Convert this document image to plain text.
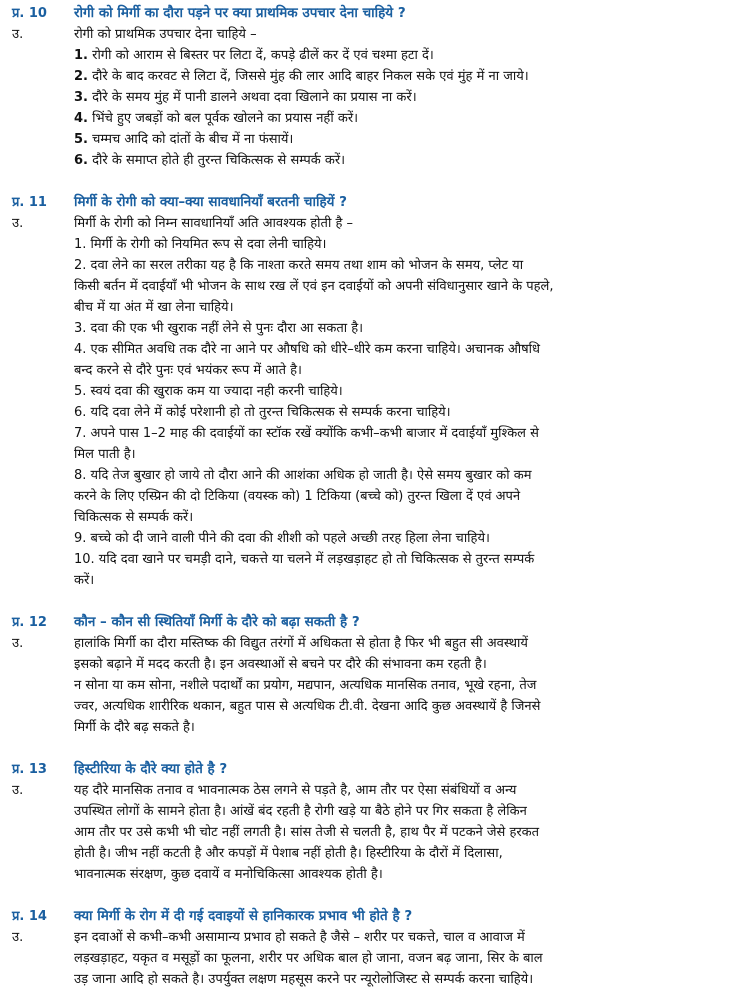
प्र. 10 रोगी को मिर्गी का दौरा पड़ने पर क्या प्राथमिक उपचार देना चाहिये ?
उ.	रोगी को प्राथमिक उपचार देना चाहिये –
1. रोगी को आराम से बिस्तर पर लिटा दें, कपड़े ढीलें कर दें एवं चश्मा हटा दें।
2. दौरे के बाद करवट से लिटा दें, जिससे मुंह की लार आदि बाहर निकल सके एवं मुंह में ना जाये।
3. दौरे के समय मुंह में पानी डालने अथवा दवा खिलाने का प्रयास ना करें।
4. भिंचे हुए जबड़ों को बल पूर्वक खोलने का प्रयास नहीं करें।
5. चम्मच आदि को दांतों के बीच में ना फंसायें।
6. दौरे के समाप्त होते ही तुरन्त चिकित्सक से सम्पर्क करें।
प्र. 11 मिर्गी के रोगी को क्या–क्या सावधानियाँ बरतनी चाहियें ?
उ.	मिर्गी के रोगी को निम्न सावधानियाँ अति आवश्यक होती है –
1. मिर्गी के रोगी को नियमित रूप से दवा लेनी चाहिये।
2. दवा लेने का सरल तरीका यह है कि नाश्ता करते समय तथा शाम को भोजन के समय, प्लेट या
किसी बर्तन में दवाईयाँ भी भोजन के साथ रख लें एवं इन दवाईयों को अपनी संविधानुसार खाने के पहले,
बीच में या अंत में खा लेना चाहिये।
3. दवा की एक भी खुराक नहीं लेने से पुनः दौरा आ सकता है।
4. एक सीमित अवधि तक दौरे ना आने पर औषधि को धीरे–धीरे कम करना चाहिये। अचानक औषधि
बन्द करने से दौरे पुनः एवं भयंकर रूप में आते है।
5. स्वयं दवा की खुराक कम या ज्यादा नही करनी चाहिये।
6. यदि दवा लेने में कोई परेशानी हो तो तुरन्त चिकित्सक से सम्पर्क करना चाहिये।
7. अपने पास 1–2 माह की दवाईयों का स्टॉक रखें क्योंकि कभी–कभी बाजार में दवाईयाँ मुश्किल से
मिल पाती है।
8. यदि तेज बुखार हो जाये तो दौरा आने की आशंका अधिक हो जाती है। ऐसे समय बुखार को कम
करने के लिए एस्प्रिन की दो टिकिया (वयस्क को) 1 टिकिया (बच्चे को) तुरन्त खिला दें एवं अपने
चिकित्सक से सम्पर्क करें।
9. बच्चे को दी जाने वाली पीने की दवा की शीशी को पहले अच्छी तरह हिला लेना चाहिये।
10. यदि दवा खाने पर चमड़ी दाने, चकत्ते या चलने में लड़खड़ाहट हो तो चिकित्सक से तुरन्त सम्पर्क
करें।
प्र. 12 कौन – कौन सी स्थितियाँ मिर्गी के दौरे को बढ़ा सकती है ?
उ.	हालांकि मिर्गी का दौरा मस्तिष्क की विद्युत तरंगों में अधिकता से होता है फिर भी बहुत सी अवस्थायें
इसको बढ़ाने में मदद करती है। इन अवस्थाओं से बचने पर दौरे की संभावना कम रहती है।
न सोना या कम सोना, नशीले पदार्थों का प्रयोग, मद्यपान, अत्यधिक मानसिक तनाव, भूखे रहना, तेज
ज्वर, अत्यधिक शारीरिक थकान, बहुत पास से अत्यधिक टी.वी. देखना आदि कुछ अवस्थायें है जिनसे
मिर्गी के दौरे बढ़ सकते है।
प्र. 13 हिस्टीरिया के दौरे क्या होते है ?
उ.	यह दौरे मानसिक तनाव व भावनात्मक ठेस लगने से पड़ते है, आम तौर पर ऐसा संबंधियों व अन्य
उपस्थित लोगों के सामने होता है। आंखें बंद रहती है रोगी खड़े या बैठे होने पर गिर सकता है लेकिन
आम तौर पर उसे कभी भी चोट नहीं लगती है। सांस तेजी से चलती है, हाथ पैर में पटकने जेसे हरकत
होती है। जीभ नहीं कटती है और कपड़ों में पेशाब नहीं होती है। हिस्टीरिया के दौरों में दिलासा,
भावनात्मक संरक्षण, कुछ दवायें व मनोचिकित्सा आवश्यक होती है।
प्र. 14 क्या मिर्गी के रोग में दी गई दवाइयों से हानिकारक प्रभाव भी होते है ?
उ.	इन दवाओं से कभी–कभी असामान्य प्रभाव हो सकते है जैसे – शरीर पर चकत्ते, चाल व आवाज में
लड़खड़ाहट, यकृत व मसूड़ों का फूलना, शरीर पर अधिक बाल हो जाना, वजन बढ़ जाना, सिर के बाल
उड़ जाना आदि हो सकते है। उपर्युक्त लक्षण महसूस करने पर न्यूरोलोजिस्ट से सम्पर्क करना चाहिये।
